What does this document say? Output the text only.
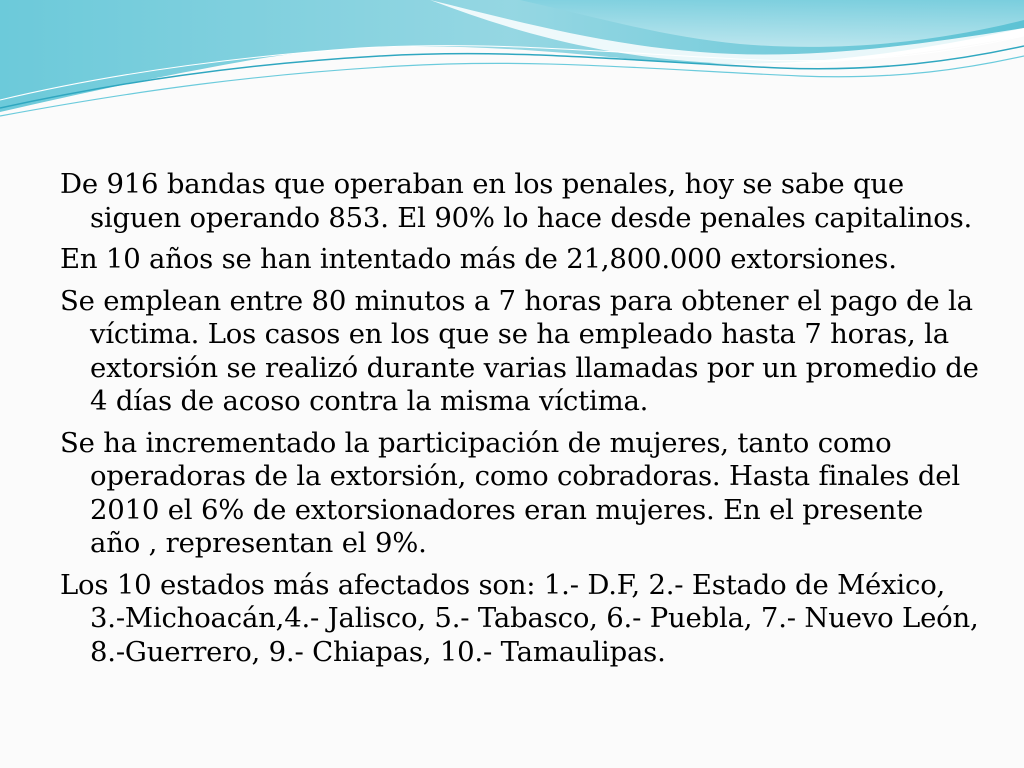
De 916 bandas que operaban en los penales, hoy se sabe que siguen operando 853. El 90% lo hace desde penales capitalinos.
En 10 años se han intentado más de 21,800.000 extorsiones.
Se emplean entre 80 minutos a 7 horas para obtener el pago de la víctima. Los casos en los que se ha empleado hasta 7 horas, la extorsión se realizó durante varias llamadas por un promedio de 4 días de acoso contra la misma víctima.
Se ha incrementado la participación de mujeres, tanto como operadoras de la extorsión, como cobradoras. Hasta finales del 2010 el 6% de extorsionadores eran mujeres. En el presente año , representan el 9%.
Los 10 estados más afectados son: 1.- D.F, 2.- Estado de México, 3.-Michoacán,4.- Jalisco, 5.- Tabasco, 6.- Puebla, 7.- Nuevo León, 8.-Guerrero, 9.- Chiapas, 10.- Tamaulipas.
